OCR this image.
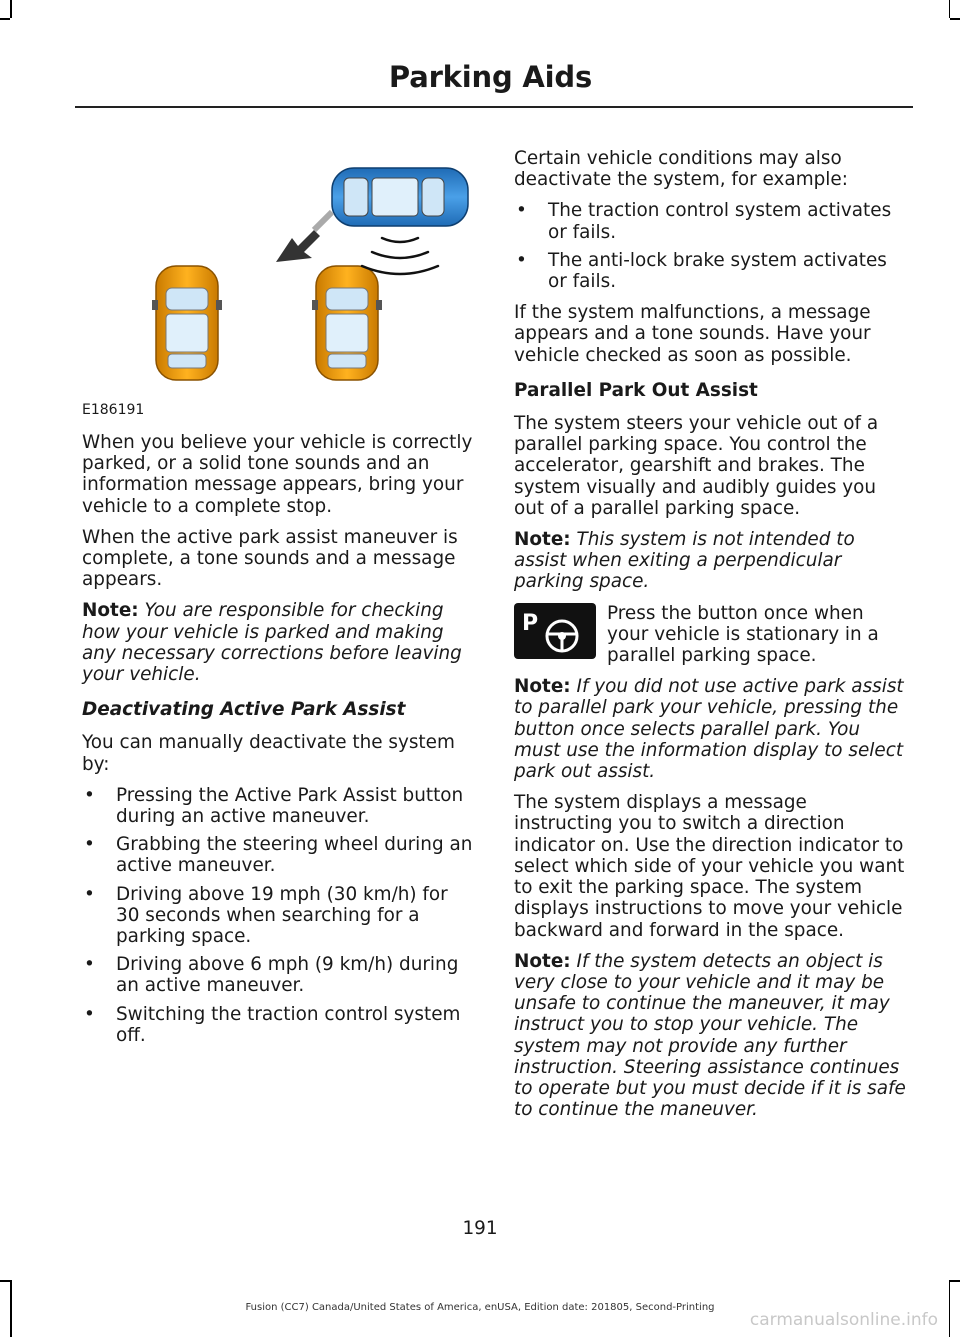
Parking Aids
E186191

When you believe your vehicle is correctly parked, or a solid tone sounds and an information message appears, bring your vehicle to a complete stop.

When the active park assist maneuver is complete, a tone sounds and a message appears.

Note: You are responsible for checking how your vehicle is parked and making any necessary corrections before leaving your vehicle.

Deactivating Active Park Assist

You can manually deactivate the system by:

• Pressing the Active Park Assist button during an active maneuver.
• Grabbing the steering wheel during an active maneuver.
• Driving above 19 mph (30 km/h) for 30 seconds when searching for a parking space.
• Driving above 6 mph (9 km/h) during an active maneuver.
• Switching the traction control system off.

Certain vehicle conditions may also deactivate the system, for example:

• The traction control system activates or fails.
• The anti-lock brake system activates or fails.

If the system malfunctions, a message appears and a tone sounds. Have your vehicle checked as soon as possible.

Parallel Park Out Assist

The system steers your vehicle out of a parallel parking space. You control the accelerator, gearshift and brakes. The system visually and audibly guides you out of a parallel parking space.

Note: This system is not intended to assist when exiting a perpendicular parking space.

P	Press the button once when your vehicle is stationary in a parallel parking space.

Note: If you did not use active park assist to parallel park your vehicle, pressing the button once selects parallel park. You must use the information display to select park out assist.

The system displays a message instructing you to switch a direction indicator on. Use the direction indicator to select which side of your vehicle you want to exit the parking space. The system displays instructions to move your vehicle backward and forward in the space.

Note: If the system detects an object is very close to your vehicle and it may be unsafe to continue the maneuver, it may instruct you to stop your vehicle. The system may not provide any further instruction. Steering assistance continues to operate but you must decide if it is safe to continue the maneuver.

191
Fusion (CC7) Canada/United States of America, enUSA, Edition date: 201805, Second-Printing
carmanualsonline.info
